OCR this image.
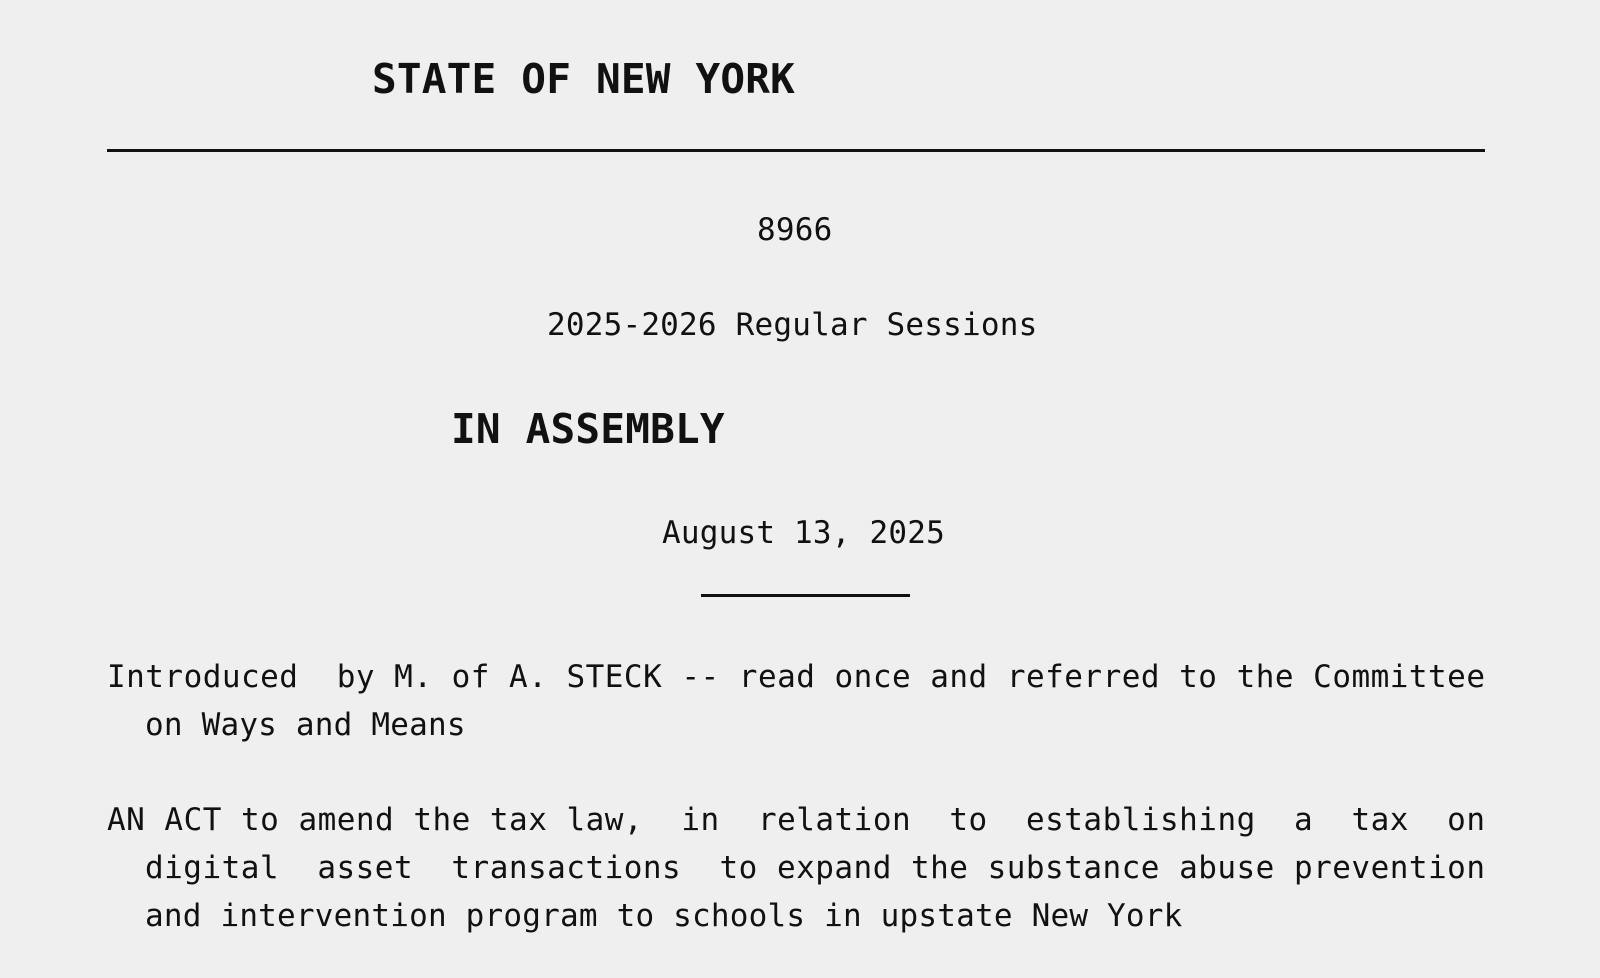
STATE OF NEW YORK
8966
2025-2026 Regular Sessions
IN ASSEMBLY
August 13, 2025
Introduced  by M. of A. STECK -- read once and referred to the Committee
on Ways and Means
AN ACT to amend the tax law,  in  relation  to  establishing  a  tax  on
digital  asset  transactions  to expand the substance abuse prevention
and intervention program to schools in upstate New York
